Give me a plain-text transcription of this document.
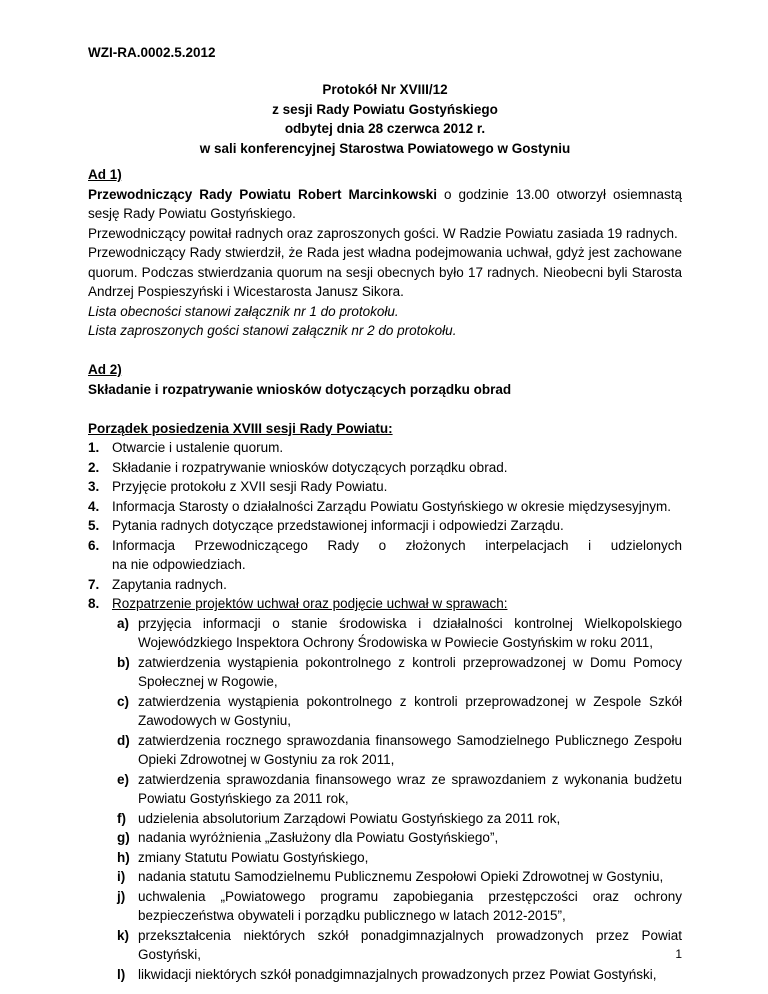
WZI-RA.0002.5.2012
Protokół Nr XVIII/12
z sesji Rady Powiatu Gostyńskiego
odbytej dnia 28 czerwca 2012 r.
w sali konferencyjnej Starostwa Powiatowego w Gostyniu
Ad 1)
Przewodniczący Rady Powiatu Robert Marcinkowski o godzinie 13.00 otworzył osiemnastą sesję Rady Powiatu Gostyńskiego.
Przewodniczący powitał radnych oraz zaproszonych gości. W Radzie Powiatu zasiada 19 radnych.
Przewodniczący Rady stwierdził, że Rada jest władna podejmowania uchwał, gdyż jest zachowane quorum. Podczas stwierdzania quorum na sesji obecnych było 17 radnych. Nieobecni byli Starosta Andrzej Pospieszyński i Wicestarosta Janusz Sikora.
Lista obecności stanowi załącznik nr 1 do protokołu.
Lista zaproszonych gości stanowi załącznik nr 2 do protokołu.
Ad 2)
Składanie i rozpatrywanie wniosków dotyczących porządku obrad
Porządek posiedzenia XVIII sesji Rady Powiatu:
1. Otwarcie i ustalenie quorum.
2. Składanie i rozpatrywanie wniosków dotyczących porządku obrad.
3. Przyjęcie protokołu z XVII sesji Rady Powiatu.
4. Informacja Starosty o działalności Zarządu Powiatu Gostyńskiego w okresie międzysesyjnym.
5. Pytania radnych dotyczące przedstawionej informacji i odpowiedzi Zarządu.
6. Informacja Przewodniczącego Rady o złożonych interpelacjach i udzielonych
na nie odpowiedziach.
7. Zapytania radnych.
8. Rozpatrzenie projektów uchwał oraz podjęcie uchwał w sprawach:
a) przyjęcia informacji o stanie środowiska i działalności kontrolnej Wielkopolskiego Wojewódzkiego Inspektora Ochrony Środowiska w Powiecie Gostyńskim w roku 2011,
b) zatwierdzenia wystąpienia pokontrolnego z kontroli przeprowadzonej w Domu Pomocy Społecznej w Rogowie,
c) zatwierdzenia wystąpienia pokontrolnego z kontroli przeprowadzonej w Zespole Szkół Zawodowych w Gostyniu,
d) zatwierdzenia rocznego sprawozdania finansowego Samodzielnego Publicznego Zespołu Opieki Zdrowotnej w Gostyniu za rok 2011,
e) zatwierdzenia sprawozdania finansowego wraz ze sprawozdaniem z wykonania budżetu Powiatu Gostyńskiego za 2011 rok,
f) udzielenia absolutorium Zarządowi Powiatu Gostyńskiego za 2011 rok,
g) nadania wyróżnienia „Zasłużony dla Powiatu Gostyńskiego”,
h) zmiany Statutu Powiatu Gostyńskiego,
i) nadania statutu Samodzielnemu Publicznemu Zespołowi Opieki Zdrowotnej w Gostyniu,
j) uchwalenia „Powiatowego programu zapobiegania przestępczości oraz ochrony bezpieczeństwa obywateli i porządku publicznego w latach 2012-2015”,
k) przekształcenia niektórych szkół ponadgimnazjalnych prowadzonych przez Powiat Gostyński,
l) likwidacji niektórych szkół ponadgimnazjalnych prowadzonych przez Powiat Gostyński,
1
